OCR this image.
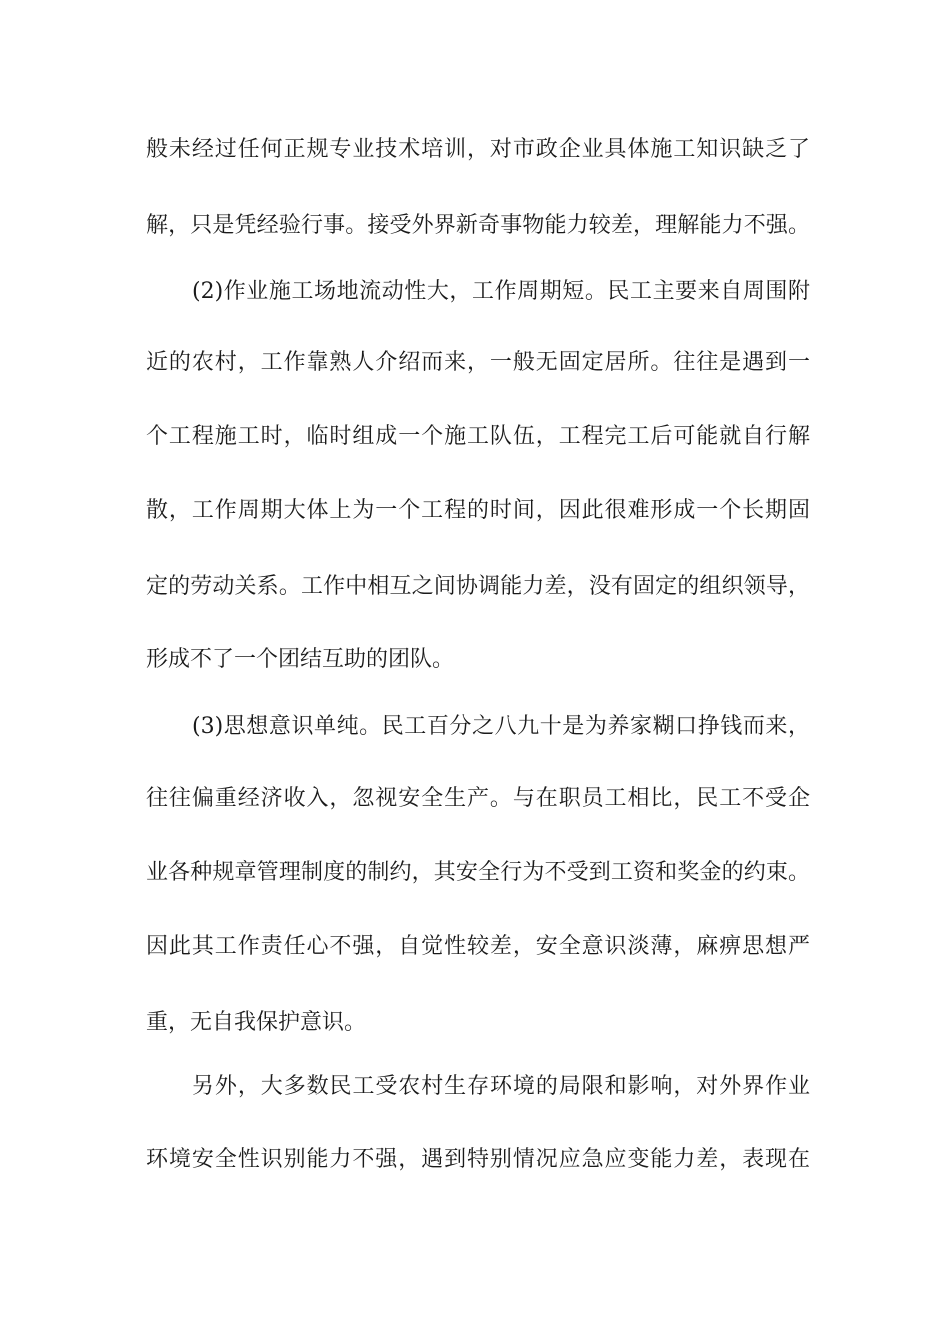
般未经过任何正规专业技术培训，对市政企业具体施工知识缺乏了
解，只是凭经验行事。接受外界新奇事物能力较差，理解能力不强。
(2)作业施工场地流动性大，工作周期短。民工主要来自周围附
近的农村，工作靠熟人介绍而来，一般无固定居所。往往是遇到一
个工程施工时，临时组成一个施工队伍，工程完工后可能就自行解
散，工作周期大体上为一个工程的时间，因此很难形成一个长期固
定的劳动关系。工作中相互之间协调能力差，没有固定的组织领导，
形成不了一个团结互助的团队。
(3)思想意识单纯。民工百分之八九十是为养家糊口挣钱而来，
往往偏重经济收入，忽视安全生产。与在职员工相比，民工不受企
业各种规章管理制度的制约，其安全行为不受到工资和奖金的约束。
因此其工作责任心不强，自觉性较差，安全意识淡薄，麻痹思想严
重，无自我保护意识。
另外，大多数民工受农村生存环境的局限和影响，对外界作业
环境安全性识别能力不强，遇到特别情况应急应变能力差，表现在
